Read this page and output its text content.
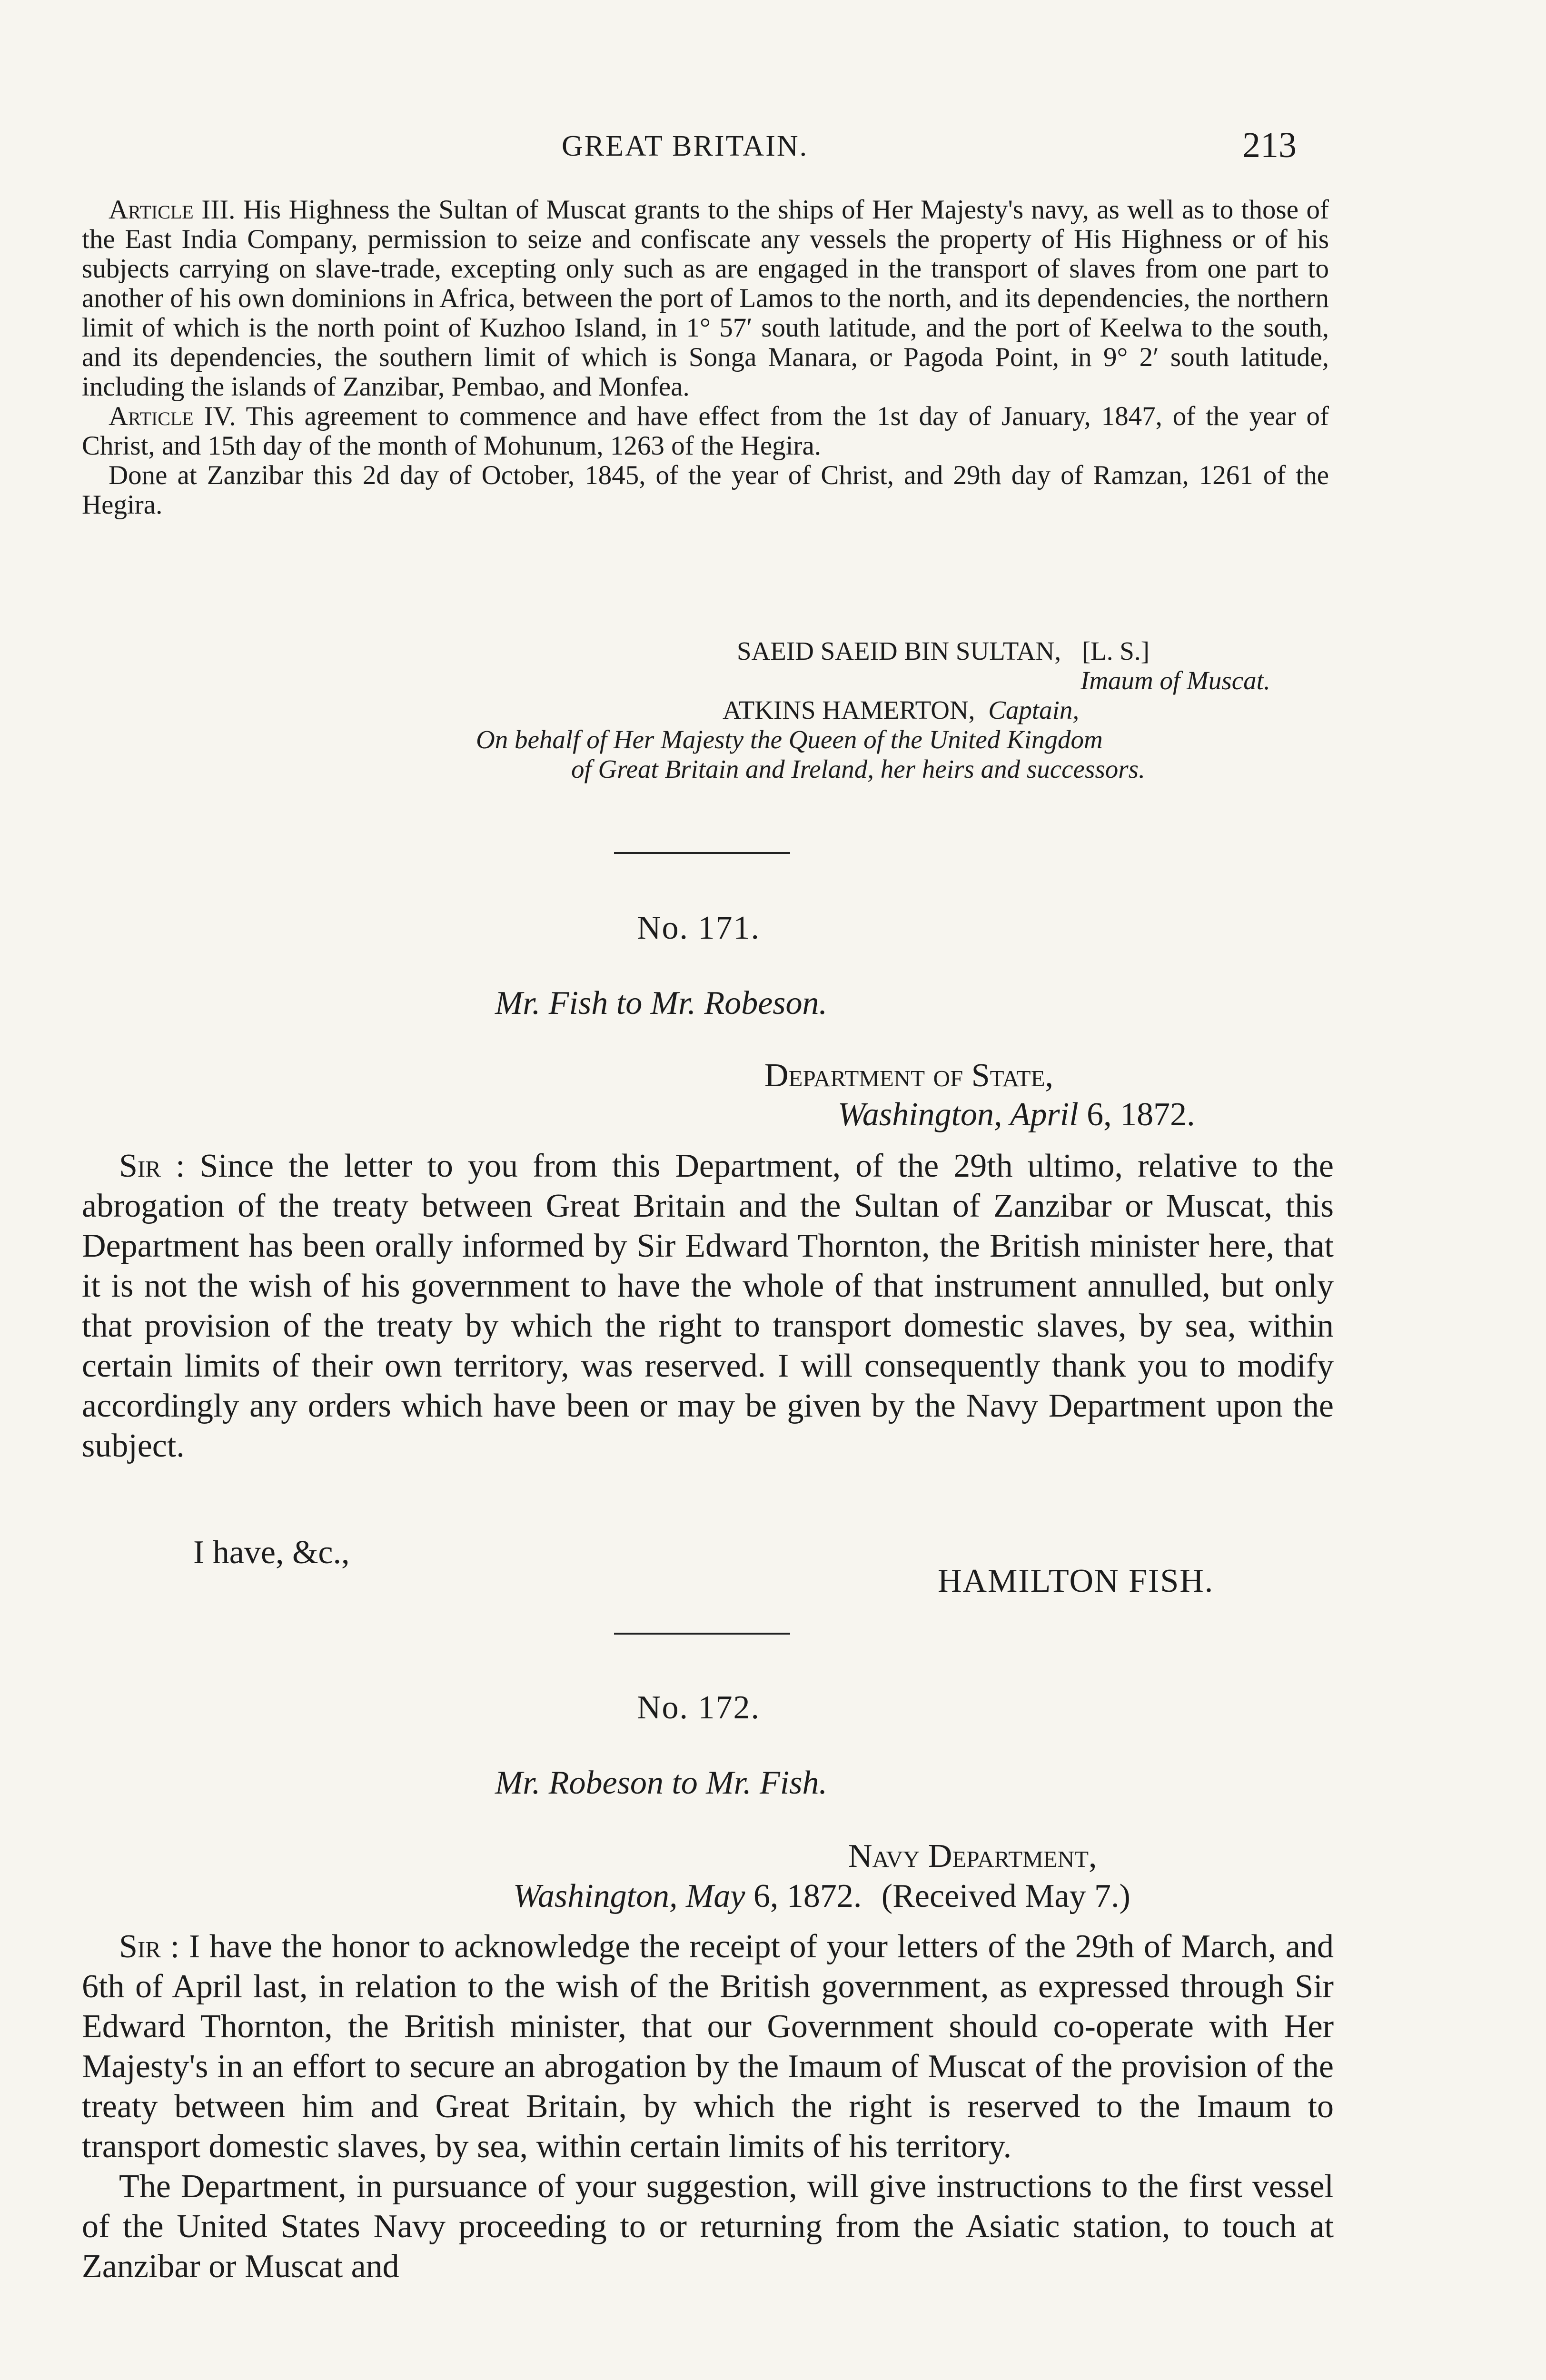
GREAT BRITAIN.	213

Article III. His Highness the Sultan of Muscat grants to the ships of Her Majesty's navy, as well as to those of the East India Company, permission to seize and confiscate any vessels the property of His Highness or of his subjects carrying on slave-trade, excepting only such as are engaged in the transport of slaves from one part to another of his own dominions in Africa, between the port of Lamos to the north, and its dependencies, the northern limit of which is the north point of Kuzhoo Island, in 1° 57′ south latitude, and the port of Keelwa to the south, and its dependencies, the southern limit of which is Songa Manara, or Pagoda Point, in 9° 2′ south latitude, including the islands of Zanzibar, Pembao, and Monfea.

Article IV. This agreement to commence and have effect from the 1st day of January, 1847, of the year of Christ, and 15th day of the month of Mohunum, 1263 of the Hegira.

Done at Zanzibar this 2d day of October, 1845, of the year of Christ, and 29th day of Ramzan, 1261 of the Hegira.

SAEID SAEID BIN SULTAN, [L. S.]
Imaum of Muscat.
ATKINS HAMERTON, Captain,
On behalf of Her Majesty the Queen of the United Kingdom
of Great Britain and Ireland, her heirs and successors.
No. 171.
Mr. Fish to Mr. Robeson.
Department of State,
Washington, April 6, 1872.

Sir : Since the letter to you from this Department, of the 29th ultimo, relative to the abrogation of the treaty between Great Britain and the Sultan of Zanzibar or Muscat, this Department has been orally informed by Sir Edward Thornton, the British minister here, that it is not the wish of his government to have the whole of that instrument annulled, but only that provision of the treaty by which the right to transport domestic slaves, by sea, within certain limits of their own territory, was reserved. I will consequently thank you to modify accordingly any orders which have been or may be given by the Navy Department upon the subject.

I have, &c.,
HAMILTON FISH.
No. 172.
Mr. Robeson to Mr. Fish.
Navy Department,
Washington, May 6, 1872. (Received May 7.)

Sir : I have the honor to acknowledge the receipt of your letters of the 29th of March, and 6th of April last, in relation to the wish of the British government, as expressed through Sir Edward Thornton, the British minister, that our Government should co-operate with Her Majesty's in an effort to secure an abrogation by the Imaum of Muscat of the provision of the treaty between him and Great Britain, by which the right is reserved to the Imaum to transport domestic slaves, by sea, within certain limits of his territory.

The Department, in pursuance of your suggestion, will give instructions to the first vessel of the United States Navy proceeding to or returning from the Asiatic station, to touch at Zanzibar or Muscat and
